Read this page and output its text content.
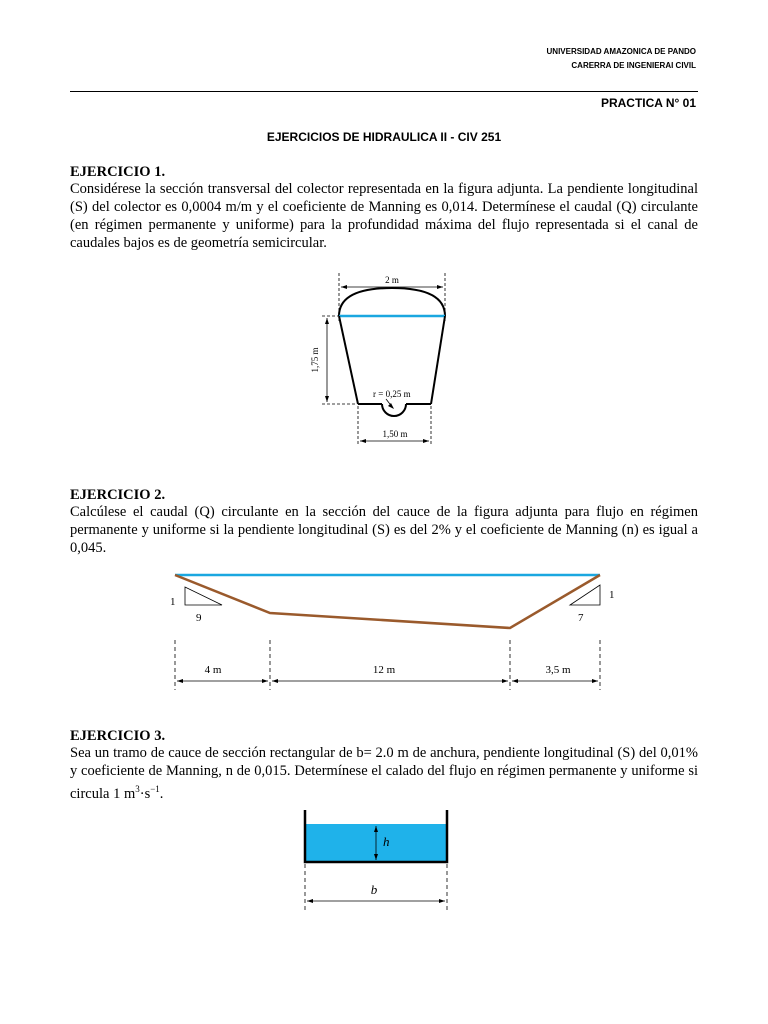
UNIVERSIDAD AMAZONICA DE PANDO
CARERRA DE INGENIERAI CIVIL
PRACTICA N° 01
EJERCICIOS DE HIDRAULICA II - CIV 251
EJERCICIO 1.
Considérese la sección transversal del colector representada en la figura adjunta. La pendiente longitudinal (S) del colector es 0,0004 m/m y el coeficiente de Manning es 0,014. Determínese el caudal (Q) circulante (en régimen permanente y uniforme) para la profundidad máxima del flujo representada si el canal de caudales bajos es de geometría semicircular.
2 m
1,75 m
r = 0,25 m
1,50 m
EJERCICIO 2.
Calcúlese el caudal (Q) circulante en la sección del cauce de la figura adjunta para flujo en régimen permanente y uniforme si la pendiente longitudinal (S) es del 2% y el coeficiente de Manning (n) es igual a 0,045.
1
9
1
7
4 m	12 m	3,5 m
EJERCICIO 3.
Sea un tramo de cauce de sección rectangular de b= 2.0 m de anchura, pendiente longitudinal (S) del 0,01% y coeficiente de Manning, n de 0,015. Determínese el calado del flujo en régimen permanente y uniforme si circula 1 $m^3\cdot s^{-1}$.
h
b
